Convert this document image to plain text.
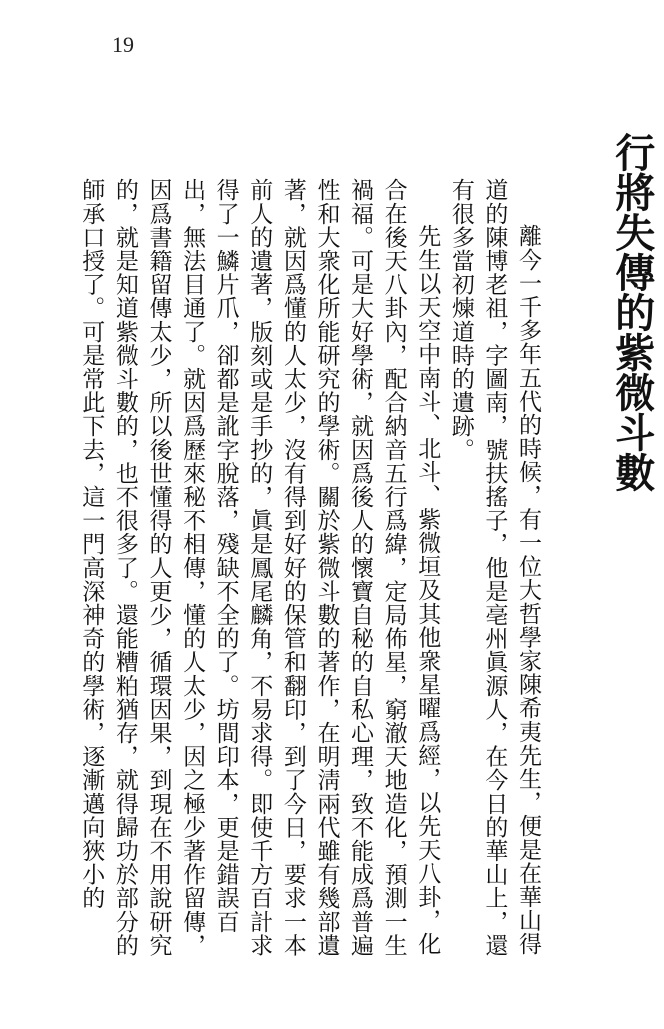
19
行將失傳的紫微斗數

離今一千多年五代的時候，有一位大哲學家陳希夷先生，便是在華山得道的陳博老祖，字圖南，號扶搖子，他是亳州眞源人，在今日的華山上，還有很多當初煉道時的遺跡。

先生以天空中南斗、北斗、紫微垣及其他衆星曜爲經，以先天八卦，化合在後天八卦內，配合納音五行爲緯，定局佈星，窮澈天地造化，預測一生禍福。可是大好學術，就因爲後人的懷寶自秘的自私心理，致不能成爲普遍性和大衆化所能研究的學術。關於紫微斗數的著作，在明淸兩代雖有幾部遺著，就因爲懂的人太少，沒有得到好好的保管和翻印，到了今日，要求一本前人的遺著，版刻或是手抄的，眞是鳳尾麟角，不易求得。即使千方百計求得了一鱗片爪，卻都是訛字脫落，殘缺不全的了。坊間印本，更是錯誤百出，無法目通了。就因爲歷來秘不相傳，懂的人太少，因之極少著作留傳，因爲書籍留傳太少，所以後世懂得的人更少，循環因果，到現在不用說研究的，就是知道紫微斗數的，也不很多了。還能糟粕猶存，就得歸功於部分的師承口授了。可是常此下去，這一門高深神奇的學術，逐漸邁向狹小的
